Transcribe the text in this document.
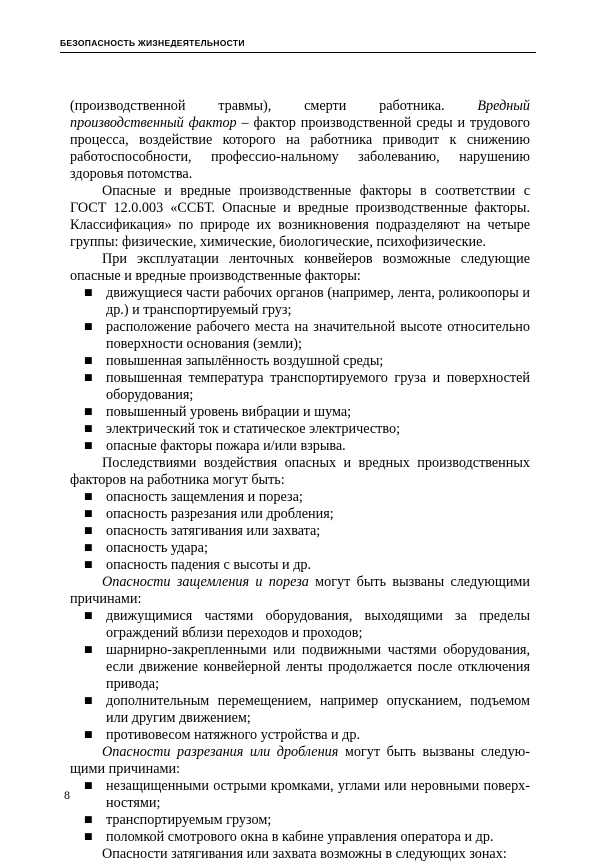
БЕЗОПАСНОСТЬ ЖИЗНЕДЕЯТЕЛЬНОСТИ

(производственной травмы), смерти работника. Вредный производственный фактор – фактор производственной среды и трудового процесса, воздействие которого на работника приводит к снижению работоспособности, профессио-нальному заболеванию, нарушению здоровья потомства.

Опасные и вредные производственные факторы в соответствии с ГОСТ 12.0.003 «ССБТ. Опасные и вредные производственные факторы. Классификация» по природе их возникновения подразделяют на четыре группы: физические, химические, биологические, психофизические.

При эксплуатации ленточных конвейеров возможные следующие опасные и вредные производственные факторы:

■ движущиеся части рабочих органов (например, лента, роликоопоры и др.) и транспортируемый груз;
■ расположение рабочего места на значительной высоте относительно поверхности основания (земли);
■ повышенная запылённость воздушной среды;
■ повышенная температура транспортируемого груза и поверхностей оборудования;
■ повышенный уровень вибрации и шума;
■ электрический ток и статическое электричество;
■ опасные факторы пожара и/или взрыва.

Последствиями воздействия опасных и вредных производственных факторов на работника могут быть:

■ опасность защемления и пореза;
■ опасность разрезания или дробления;
■ опасность затягивания или захвата;
■ опасность удара;
■ опасность падения с высоты и др.

Опасности защемления и пореза могут быть вызваны следующими причинами:

■ движущимися частями оборудования, выходящими за пределы ограждений вблизи переходов и проходов;
■ шарнирно-закрепленными или подвижными частями оборудования, если движение конвейерной ленты продолжается после отключения привода;
■ дополнительным перемещением, например опусканием, подъемом или другим движением;
■ противовесом натяжного устройства и др.

Опасности разрезания или дробления могут быть вызваны следую-щими причинами:

■ незащищенными острыми кромками, углами или неровными поверх-ностями;
■ транспортируемым грузом;
■ поломкой смотрового окна в кабине управления оператора и др.

Опасности затягивания или захвата возможны в следующих зонах:

8
